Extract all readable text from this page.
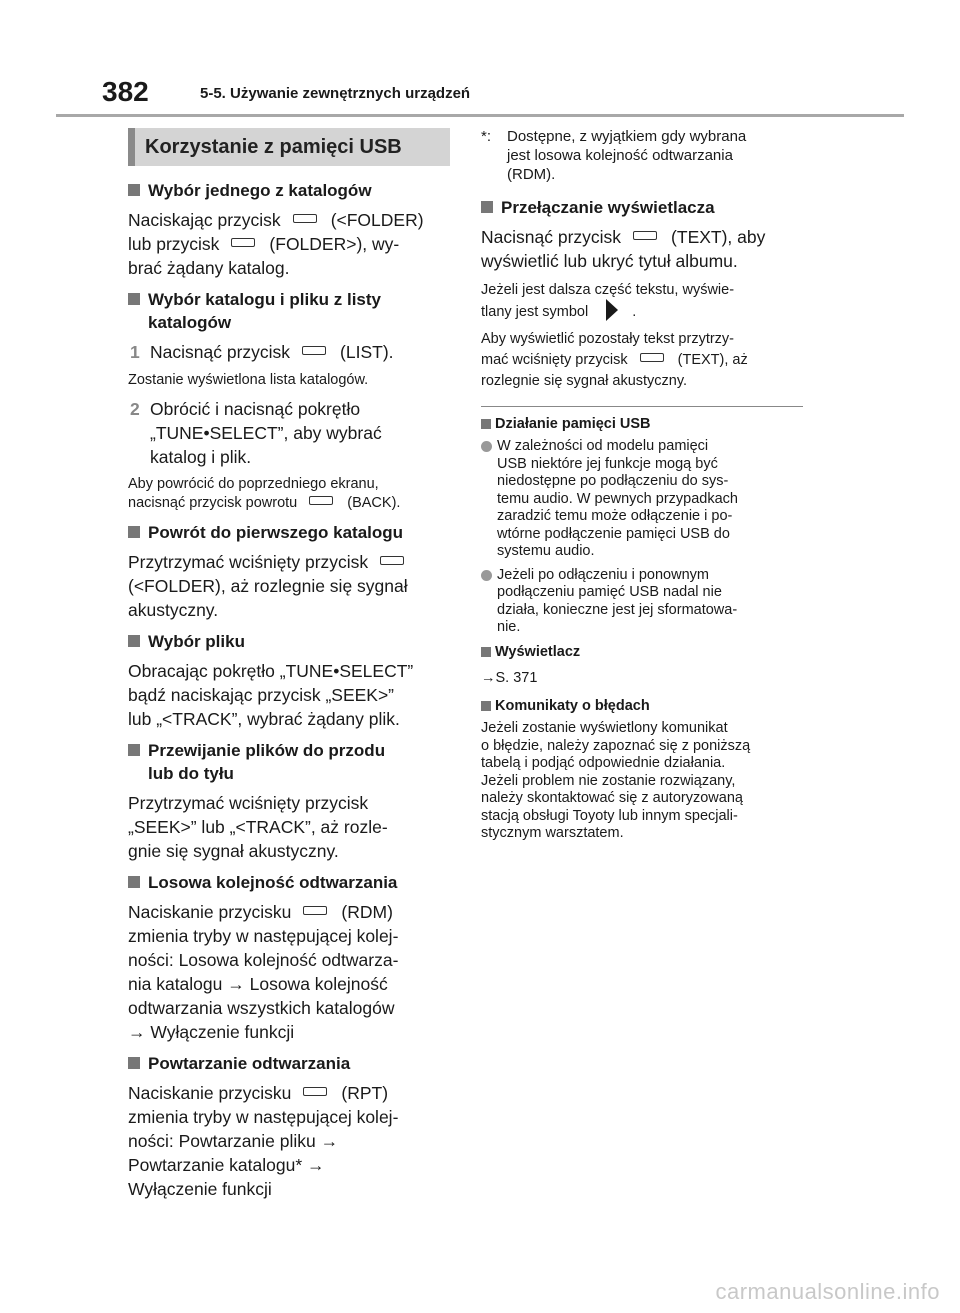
382	5-5. Używanie zewnętrznych urządzeń
Korzystanie z pamięci USB
Wybór jednego z katalogów
Naciskając przycisk	(<FOLDER)
lub przycisk	(FOLDER>), wy-
brać żądany katalog.
Wybór katalogu i pliku z listy
katalogów
1 Nacisnąć przycisk	(LIST).
Zostanie wyświetlona lista katalogów.
2 Obrócić i nacisnąć pokrętło
„TUNE•SELECT”, aby wybrać
katalog i plik.
Aby powrócić do poprzedniego ekranu,
nacisnąć przycisk powrotu	(BACK).
Powrót do pierwszego katalogu
Przytrzymać wciśnięty przycisk
(<FOLDER), aż rozlegnie się sygnał
akustyczny.
Wybór pliku
Obracając pokrętło „TUNE•SELECT”
bądź naciskając przycisk „SEEK>”
lub „<TRACK”, wybrać żądany plik.
Przewijanie plików do przodu
lub do tyłu
Przytrzymać wciśnięty przycisk
„SEEK>” lub „<TRACK”, aż rozle-
gnie się sygnał akustyczny.
Losowa kolejność odtwarzania
Naciskanie przycisku	(RDM)
zmienia tryby w następującej kolej-
ności: Losowa kolejność odtwarza-
nia katalogu → Losowa kolejność
odtwarzania wszystkich katalogów
→ Wyłączenie funkcji
Powtarzanie odtwarzania
Naciskanie przycisku	(RPT)
zmienia tryby w następującej kolej-
ności: Powtarzanie pliku →
Powtarzanie katalogu* →
Wyłączenie funkcji
*: Dostępne, z wyjątkiem gdy wybrana
jest losowa kolejność odtwarzania
(RDM).
Przełączanie wyświetlacza
Nacisnąć przycisk	(TEXT), aby
wyświetlić lub ukryć tytuł albumu.
Jeżeli jest dalsza część tekstu, wyświe-
tlany jest symbol	.

Aby wyświetlić pozostały tekst przytrzy-
mać wciśnięty przycisk	(TEXT), aż
rozlegnie się sygnał akustyczny.
Działanie pamięci USB
W zależności od modelu pamięci
USB niektóre jej funkcje mogą być
niedostępne po podłączeniu do sys-
temu audio. W pewnych przypadkach
zaradzić temu może odłączenie i po-
wtórne podłączenie pamięci USB do
systemu audio.
Jeżeli po odłączeniu i ponownym
podłączeniu pamięć USB nadal nie
działa, konieczne jest jej sformatowa-
nie.
Wyświetlacz
→S. 371
Komunikaty o błędach
Jeżeli zostanie wyświetlony komunikat
o błędzie, należy zapoznać się z poniższą
tabelą i podjąć odpowiednie działania.
Jeżeli problem nie zostanie rozwiązany,
należy skontaktować się z autoryzowaną
stacją obsługi Toyoty lub innym specjali-
stycznym warsztatem.
carmanualsonline.info
